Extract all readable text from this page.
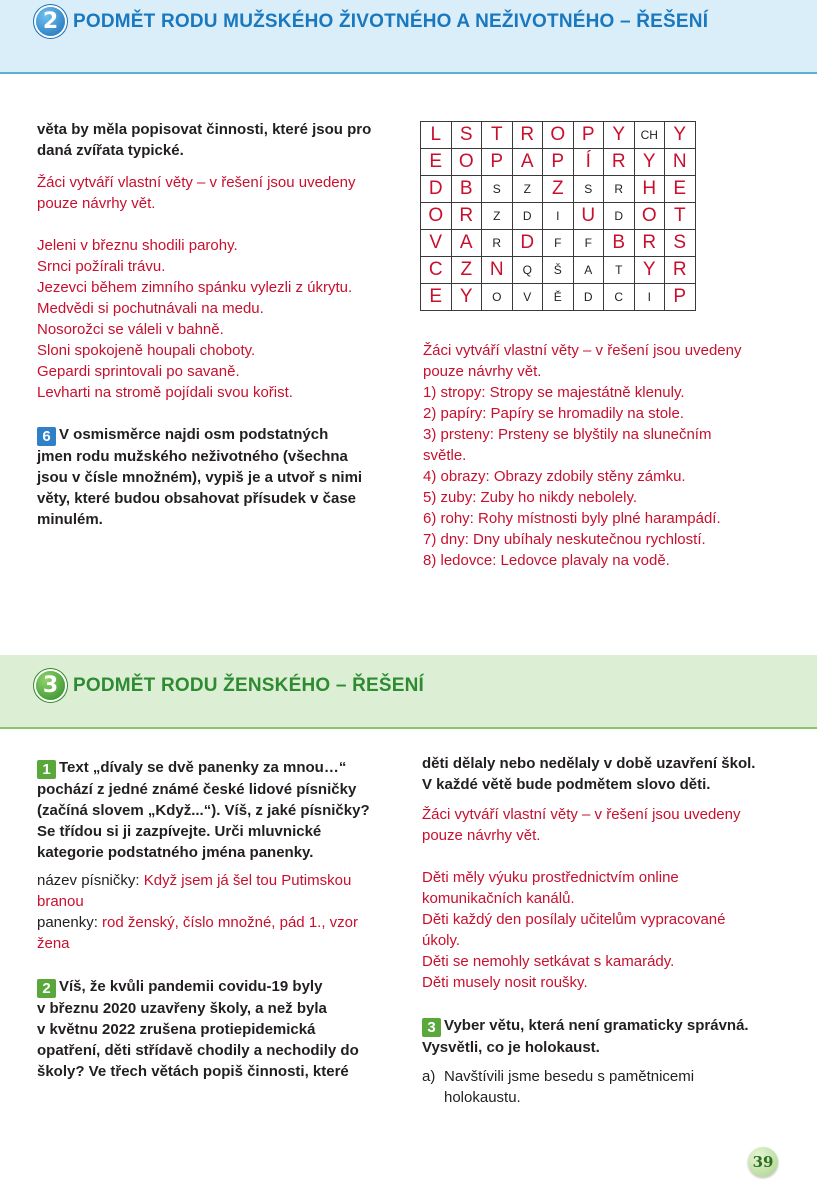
2 PODMĚT RODU MUŽSKÉHO ŽIVOTNÉHO A NEŽIVOTNÉHO – ŘEŠENÍ

věta by měla popisovat činnosti, které jsou pro

daná zvířata typické.

Žáci vytváří vlastní věty – v řešení jsou uvedeny

pouze návrhy vět.

Jeleni v březnu shodili parohy.

Srnci požírali trávu.

Jezevci během zimního spánku vylezli z úkrytu.

Medvědi si pochutnávali na medu.

Nosorožci se váleli v bahně.

Sloni spokojeně houpali choboty.

Gepardi sprintovali po savaně.

Levharti na stromě pojídali svou kořist.

6 V osmisměrce najdi osm podstatných

jmen rodu mužského neživotného (všechna

jsou v čísle množném), vypiš je a utvoř s nimi

věty, které budou obsahovat přísudek v čase

minulém.

L	S	T	R	O	P	Y	CH	Y
E	O	P	A	P	Í	R	Y	N
D	B	S	Z	Z	S	R	H	E
O	R	Z	D	I	U	D	O	T
V	A	R	D	F	F	B	R	S
C	Z	N	Q	Š	A	T	Y	R
E	Y	O	V	Ě	D	C	I	P

Žáci vytváří vlastní věty – v řešení jsou uvedeny

pouze návrhy vět.

1) stropy: Stropy se majestátně klenuly.

2) papíry: Papíry se hromadily na stole.

3) prsteny: Prsteny se blyštily na slunečním

světle.

4) obrazy: Obrazy zdobily stěny zámku.

5) zuby: Zuby ho nikdy nebolely.

6) rohy: Rohy místnosti byly plné harampádí.

7) dny: Dny ubíhaly neskutečnou rychlostí.

8) ledovce: Ledovce plavaly na vodě.

3 PODMĚT RODU ŽENSKÉHO – ŘEŠENÍ

1 Text „dívaly se dvě panenky za mnou…“

pochází z jedné známé české lidové písničky

(začíná slovem „Když...“). Víš, z jaké písničky?

Se třídou si ji zazpívejte. Urči mluvnické

kategorie podstatného jména panenky.

název písničky: Když jsem já šel tou Putimskou

branou

panenky: rod ženský, číslo množné, pád 1., vzor

žena

2 Víš, že kvůli pandemii covidu-19 byly

v březnu 2020 uzavřeny školy, a než byla

v květnu 2022 zrušena protiepidemická

opatření, děti střídavě chodily a nechodily do

školy? Ve třech větách popiš činnosti, které

děti dělaly nebo nedělaly v době uzavření škol.

V každé větě bude podmětem slovo děti.

Žáci vytváří vlastní věty – v řešení jsou uvedeny

pouze návrhy vět.

Děti měly výuku prostřednictvím online

komunikačních kanálů.

Děti každý den posílaly učitelům vypracované

úkoly.

Děti se nemohly setkávat s kamarády.

Děti musely nosit roušky.

3 Vyber větu, která není gramaticky správná.

Vysvětli, co je holokaust.

a) Navštívili jsme besedu s pamětnicemi

holokaustu.

39
